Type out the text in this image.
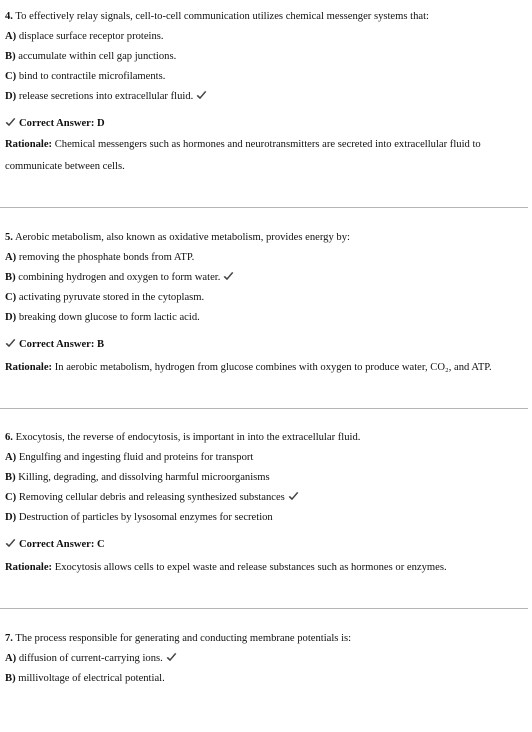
4. To effectively relay signals, cell-to-cell communication utilizes chemical messenger systems that:

A) displace surface receptor proteins.

B) accumulate within cell gap junctions.

C) bind to contractile microfilaments.

D) release secretions into extracellular fluid.

Correct Answer: D

Rationale: Chemical messengers such as hormones and neurotransmitters are secreted into extracellular fluid to communicate between cells.

5. Aerobic metabolism, also known as oxidative metabolism, provides energy by:

A) removing the phosphate bonds from ATP.

B) combining hydrogen and oxygen to form water.

C) activating pyruvate stored in the cytoplasm.

D) breaking down glucose to form lactic acid.

Correct Answer: B

Rationale: In aerobic metabolism, hydrogen from glucose combines with oxygen to produce water, CO₂, and ATP.

6. Exocytosis, the reverse of endocytosis, is important in into the extracellular fluid.

A) Engulfing and ingesting fluid and proteins for transport

B) Killing, degrading, and dissolving harmful microorganisms

C) Removing cellular debris and releasing synthesized substances

D) Destruction of particles by lysosomal enzymes for secretion

Correct Answer: C

Rationale: Exocytosis allows cells to expel waste and release substances such as hormones or enzymes.

7. The process responsible for generating and conducting membrane potentials is:

A) diffusion of current-carrying ions.

B) millivoltage of electrical potential.
